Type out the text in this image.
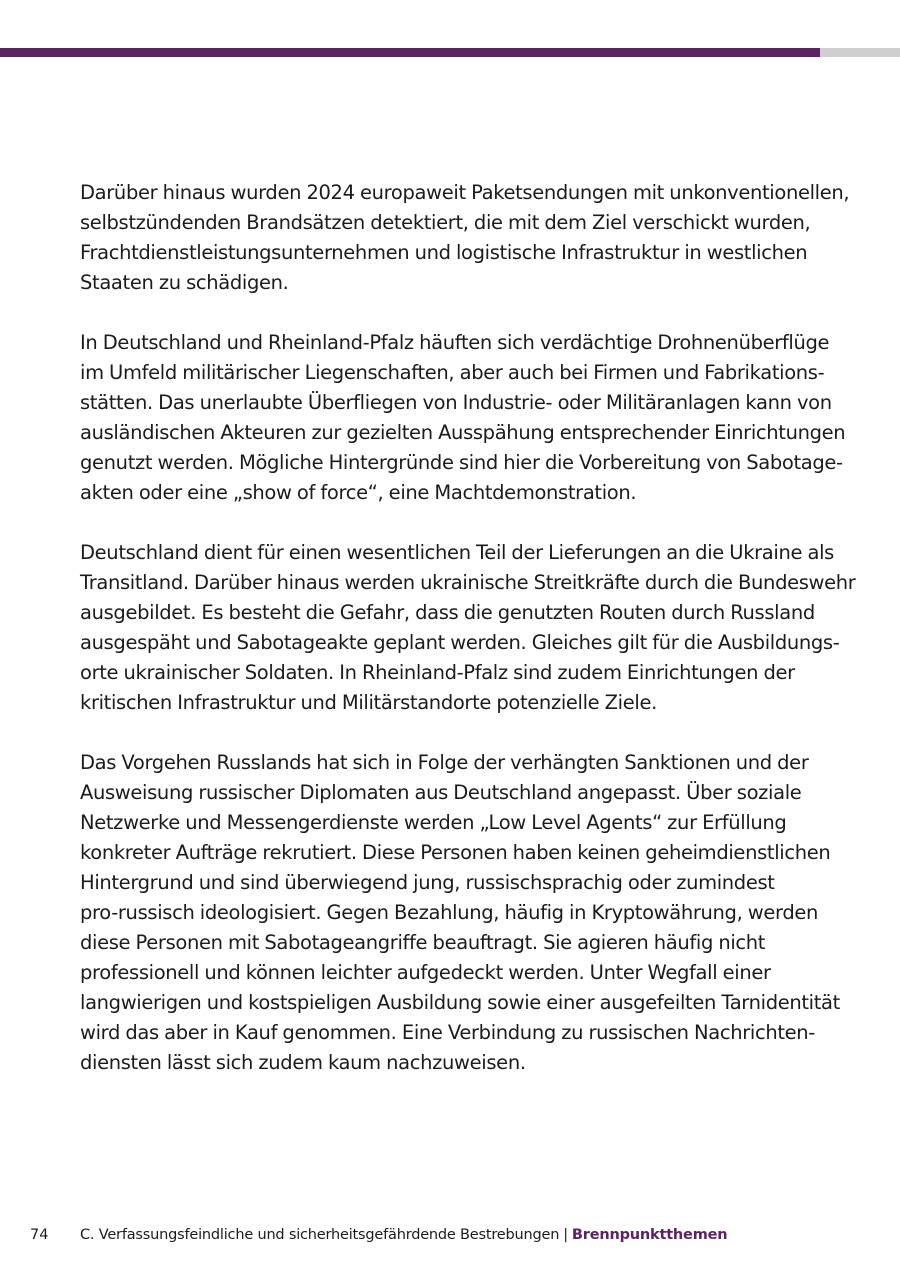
Darüber hinaus wurden 2024 europaweit Paketsendungen mit unkonventionellen,
selbstzündenden Brandsätzen detektiert, die mit dem Ziel verschickt wurden,
Frachtdienstleistungsunternehmen und logistische Infrastruktur in westlichen
Staaten zu schädigen.

In Deutschland und Rheinland-Pfalz häuften sich verdächtige Drohnenüberflüge
im Umfeld militärischer Liegenschaften, aber auch bei Firmen und Fabrikations-
stätten. Das unerlaubte Überfliegen von Industrie- oder Militäranlagen kann von
ausländischen Akteuren zur gezielten Ausspähung entsprechender Einrichtungen
genutzt werden. Mögliche Hintergründe sind hier die Vorbereitung von Sabotage-
akten oder eine „show of force“, eine Machtdemonstration.

Deutschland dient für einen wesentlichen Teil der Lieferungen an die Ukraine als
Transitland. Darüber hinaus werden ukrainische Streitkräfte durch die Bundeswehr
ausgebildet. Es besteht die Gefahr, dass die genutzten Routen durch Russland
ausgespäht und Sabotageakte geplant werden. Gleiches gilt für die Ausbildungs-
orte ukrainischer Soldaten. In Rheinland-Pfalz sind zudem Einrichtungen der
kritischen Infrastruktur und Militärstandorte potenzielle Ziele.

Das Vorgehen Russlands hat sich in Folge der verhängten Sanktionen und der
Ausweisung russischer Diplomaten aus Deutschland angepasst. Über soziale
Netzwerke und Messengerdienste werden „Low Level Agents“ zur Erfüllung
konkreter Aufträge rekrutiert. Diese Personen haben keinen geheimdienstlichen
Hintergrund und sind überwiegend jung, russischsprachig oder zumindest
pro-russisch ideologisiert. Gegen Bezahlung, häufig in Kryptowährung, werden
diese Personen mit Sabotageangriffe beauftragt. Sie agieren häufig nicht
professionell und können leichter aufgedeckt werden. Unter Wegfall einer
langwierigen und kostspieligen Ausbildung sowie einer ausgefeilten Tarnidentität
wird das aber in Kauf genommen. Eine Verbindung zu russischen Nachrichten-
diensten lässt sich zudem kaum nachzuweisen.

74 C. Verfassungsfeindliche und sicherheitsgefährdende Bestrebungen | Brennpunktthemen
